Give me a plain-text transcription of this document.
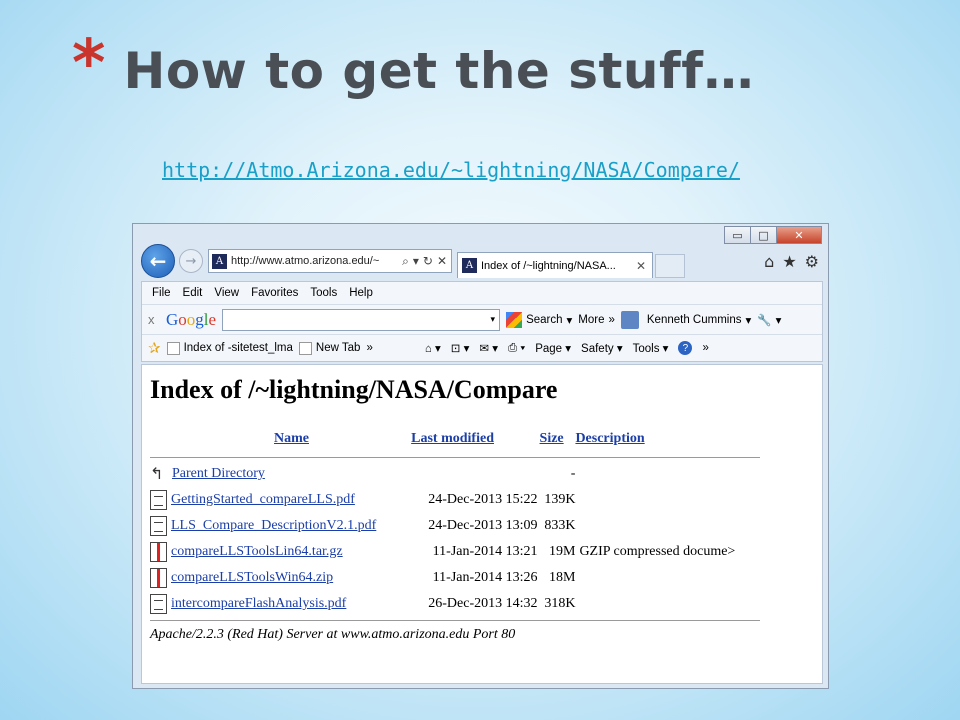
* How to get the stuff…
http://Atmo.Arizona.edu/~lightning/NASA/Compare/
▭	□	✕
←	→	A http://www.atmo.arizona.edu/~	⌕ ▾ ↻ ✕	A Index of /~lightning/NASA...	✕	⌂ ★ ⚙
File Edit View Favorites Tools Help
x Google	▾	Search ▾ More »	Kenneth Cummins ▾ 🔧 ▾
✰ Index of -sitetest_lma New Tab »	⌂ ▾ ⊡ ▾ ✉ ▾ ⎙ ▾ Page ▾ Safety ▾ Tools ▾	?	»
Index of /~lightning/NASA/Compare
Name	Last modified	Size	Description

↰ Parent Directory		-	
GettingStarted_compareLLS.pdf	24-Dec-2013 15:22	139K	
LLS_Compare_DescriptionV2.1.pdf	24-Dec-2013 13:09	833K	
compareLLSToolsLin64.tar.gz	11-Jan-2014 13:21	19M	GZIP compressed docume>
compareLLSToolsWin64.zip	11-Jan-2014 13:26	18M	
intercompareFlashAnalysis.pdf	26-Dec-2013 14:32	318K	

Apache/2.2.3 (Red Hat) Server at www.atmo.arizona.edu Port 80
